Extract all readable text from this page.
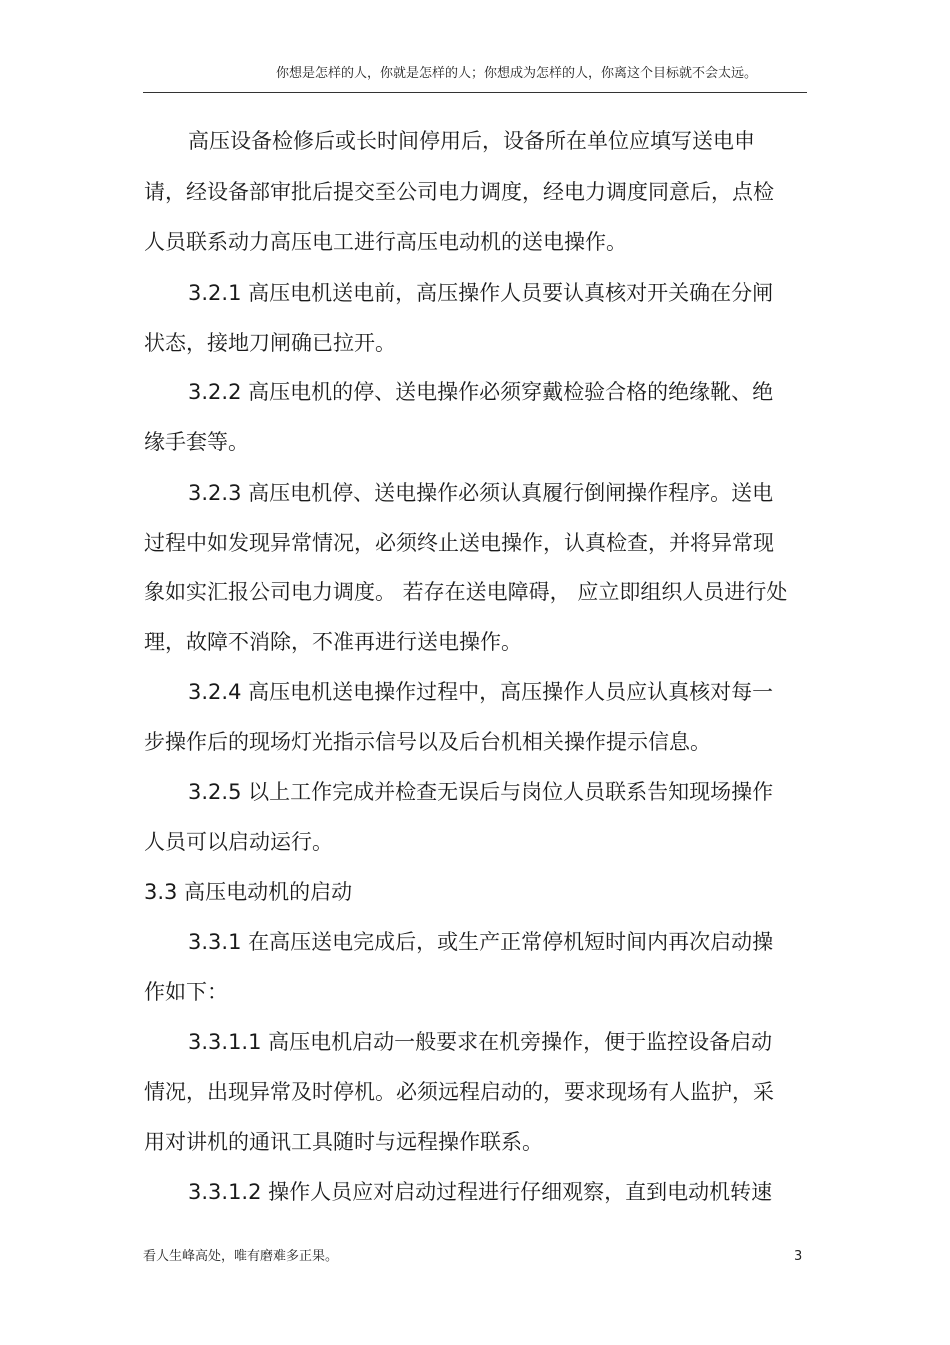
你想是怎样的人，你就是怎样的人；你想成为怎样的人，你离这个目标就不会太远。
高压设备检修后或长时间停用后，设备所在单位应填写送电申
请，经设备部审批后提交至公司电力调度，经电力调度同意后，点检
人员联系动力高压电工进行高压电动机的送电操作。
3.2.1 高压电机送电前，高压操作人员要认真核对开关确在分闸
状态，接地刀闸确已拉开。
3.2.2 高压电机的停、送电操作必须穿戴检验合格的绝缘靴、绝
缘手套等。
3.2.3 高压电机停、送电操作必须认真履行倒闸操作程序。送电
过程中如发现异常情况，必须终止送电操作，认真检查，并将异常现
象如实汇报公司电力调度。 若存在送电障碍， 应立即组织人员进行处
理，故障不消除，不准再进行送电操作。
3.2.4 高压电机送电操作过程中，高压操作人员应认真核对每一
步操作后的现场灯光指示信号以及后台机相关操作提示信息。
3.2.5 以上工作完成并检查无误后与岗位人员联系告知现场操作
人员可以启动运行。
3.3 高压电动机的启动
3.3.1 在高压送电完成后，或生产正常停机短时间内再次启动操
作如下：
3.3.1.1 高压电机启动一般要求在机旁操作，便于监控设备启动
情况，出现异常及时停机。必须远程启动的，要求现场有人监护，采
用对讲机的通讯工具随时与远程操作联系。
3.3.1.2 操作人员应对启动过程进行仔细观察，直到电动机转速
看人生峰高处，唯有磨难多正果。	3
